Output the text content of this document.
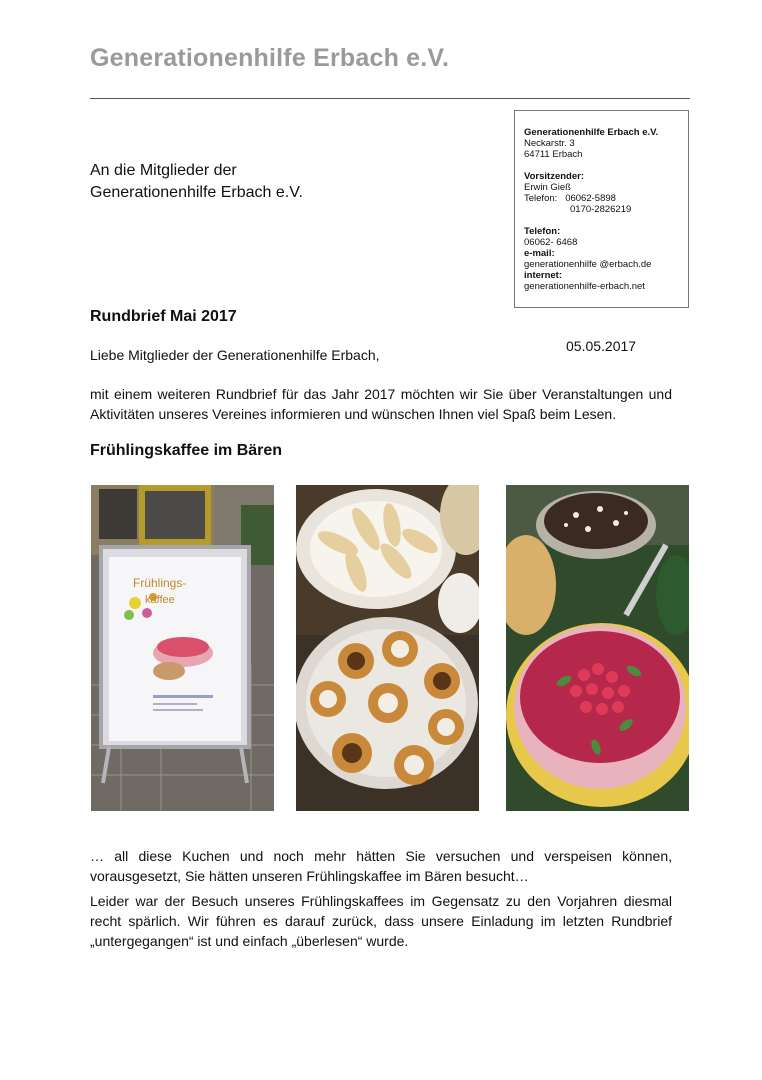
Generationenhilfe Erbach e.V.
An die Mitglieder der
Generationenhilfe Erbach e.V.
Generationenhilfe Erbach e.V.
Neckarstr. 3
64711 Erbach
Vorsitzender:
Erwin Gieß
Telefon: 06062-5898
0170-2826219
Telefon:
06062- 6468
e-mail:
generationenhilfe @erbach.de
internet:
generationenhilfe-erbach.net
Rundbrief Mai 2017
05.05.2017
Liebe Mitglieder der Generationenhilfe Erbach,
mit einem weiteren Rundbrief für das Jahr 2017 möchten wir Sie über Veranstaltungen und Aktivitäten unseres Vereines informieren und wünschen Ihnen viel Spaß beim Lesen.
Frühlingskaffee im Bären
Frühlings-
kaffee
… all diese Kuchen und noch mehr hätten Sie versuchen und verspeisen können, vorausgesetzt, Sie hätten unseren Frühlingskaffee im Bären besucht…
Leider war der Besuch unseres Frühlingskaffees im Gegensatz zu den Vorjahren diesmal recht spärlich. Wir führen es darauf zurück, dass unsere Einladung im letzten Rundbrief „untergegangen“ ist und einfach „überlesen“ wurde.
